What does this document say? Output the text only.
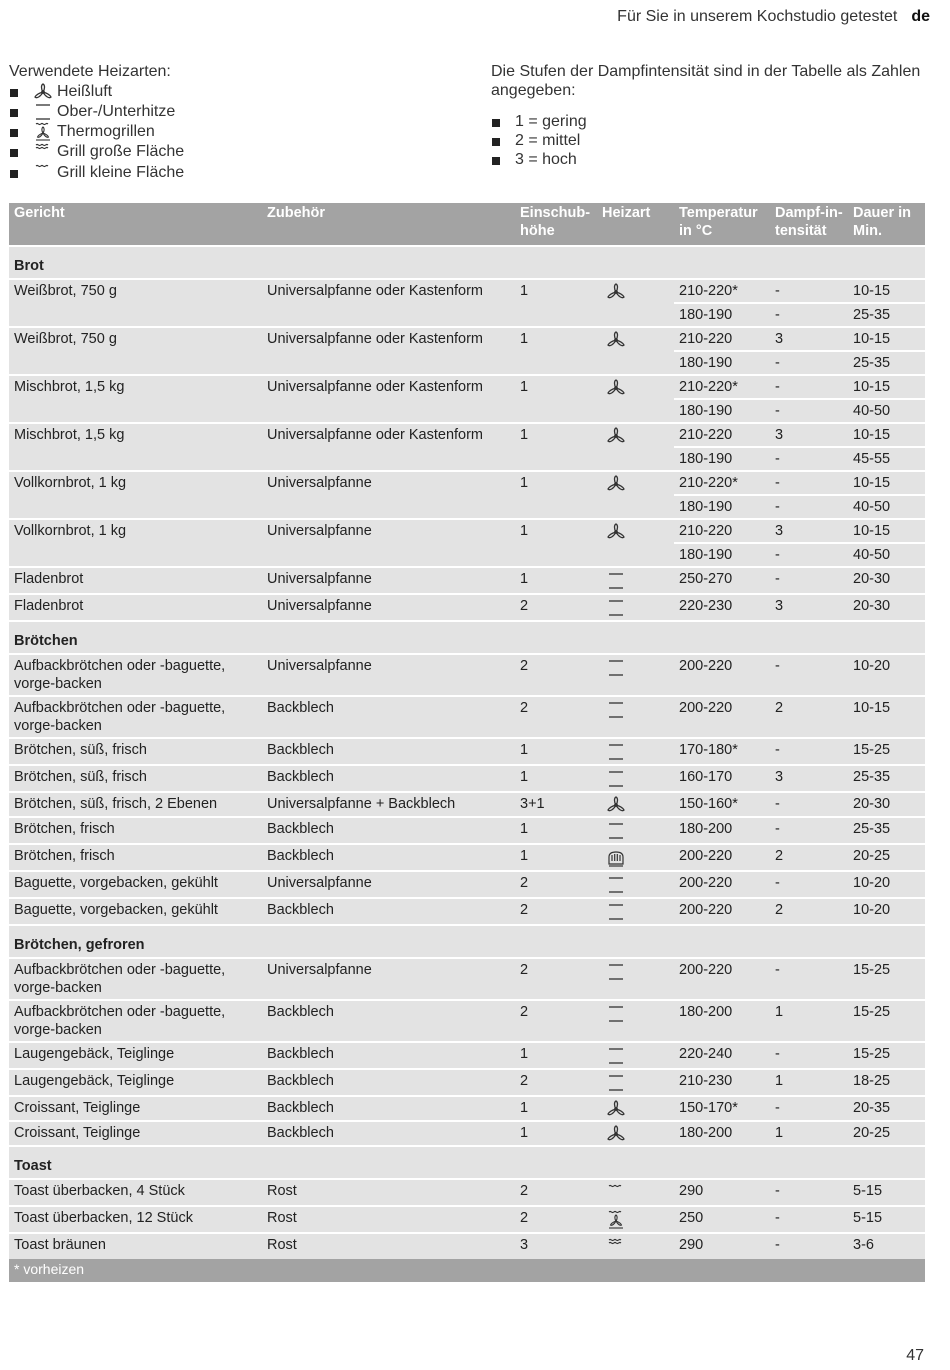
Für Sie in unserem Kochstudio getestet de
Verwendete Heizarten:
Heißluft
Ober-/Unterhitze
Thermogrillen
Grill große Fläche
Grill kleine Fläche
Die Stufen der Dampfintensität sind in der Tabelle als Zahlen angegeben:
1 = gering
2 = mittel
3 = hoch
Gericht	Zubehör	Einschub-höhe	Heizart	Temperatur in °C	Dampf-in-tensität	Dauer in Min.
Brot						
Weißbrot, 750 g	Universalpfanne oder Kastenform	1		210-220*	-	10-15
				180-190	-	25-35
Weißbrot, 750 g	Universalpfanne oder Kastenform	1		210-220	3	10-15
				180-190	-	25-35
Mischbrot, 1,5 kg	Universalpfanne oder Kastenform	1		210-220*	-	10-15
				180-190	-	40-50
Mischbrot, 1,5 kg	Universalpfanne oder Kastenform	1		210-220	3	10-15
				180-190	-	45-55
Vollkornbrot, 1 kg	Universalpfanne	1		210-220*	-	10-15
				180-190	-	40-50
Vollkornbrot, 1 kg	Universalpfanne	1		210-220	3	10-15
				180-190	-	40-50
Fladenbrot	Universalpfanne	1		250-270	-	20-30
Fladenbrot	Universalpfanne	2		220-230	3	20-30
Brötchen						
Aufbackbrötchen oder -baguette, vorge-backen	Universalpfanne	2		200-220	-	10-20
Aufbackbrötchen oder -baguette, vorge-backen	Backblech	2		200-220	2	10-15
Brötchen, süß, frisch	Backblech	1		170-180*	-	15-25
Brötchen, süß, frisch	Backblech	1		160-170	3	25-35
Brötchen, süß, frisch, 2 Ebenen	Universalpfanne + Backblech	3+1		150-160*	-	20-30
Brötchen, frisch	Backblech	1		180-200	-	25-35
Brötchen, frisch	Backblech	1		200-220	2	20-25
Baguette, vorgebacken, gekühlt	Universalpfanne	2		200-220	-	10-20
Baguette, vorgebacken, gekühlt	Backblech	2		200-220	2	10-20
Brötchen, gefroren						
Aufbackbrötchen oder -baguette, vorge-backen	Universalpfanne	2		200-220	-	15-25
Aufbackbrötchen oder -baguette, vorge-backen	Backblech	2		180-200	1	15-25
Laugengebäck, Teiglinge	Backblech	1		220-240	-	15-25
Laugengebäck, Teiglinge	Backblech	2		210-230	1	18-25
Croissant, Teiglinge	Backblech	1		150-170*	-	20-35
Croissant, Teiglinge	Backblech	1		180-200	1	20-25
Toast						
Toast überbacken, 4 Stück	Rost	2		290	-	5-15
Toast überbacken, 12 Stück	Rost	2		250	-	5-15
Toast bräunen	Rost	3		290	-	3-6
* vorheizen						
47
